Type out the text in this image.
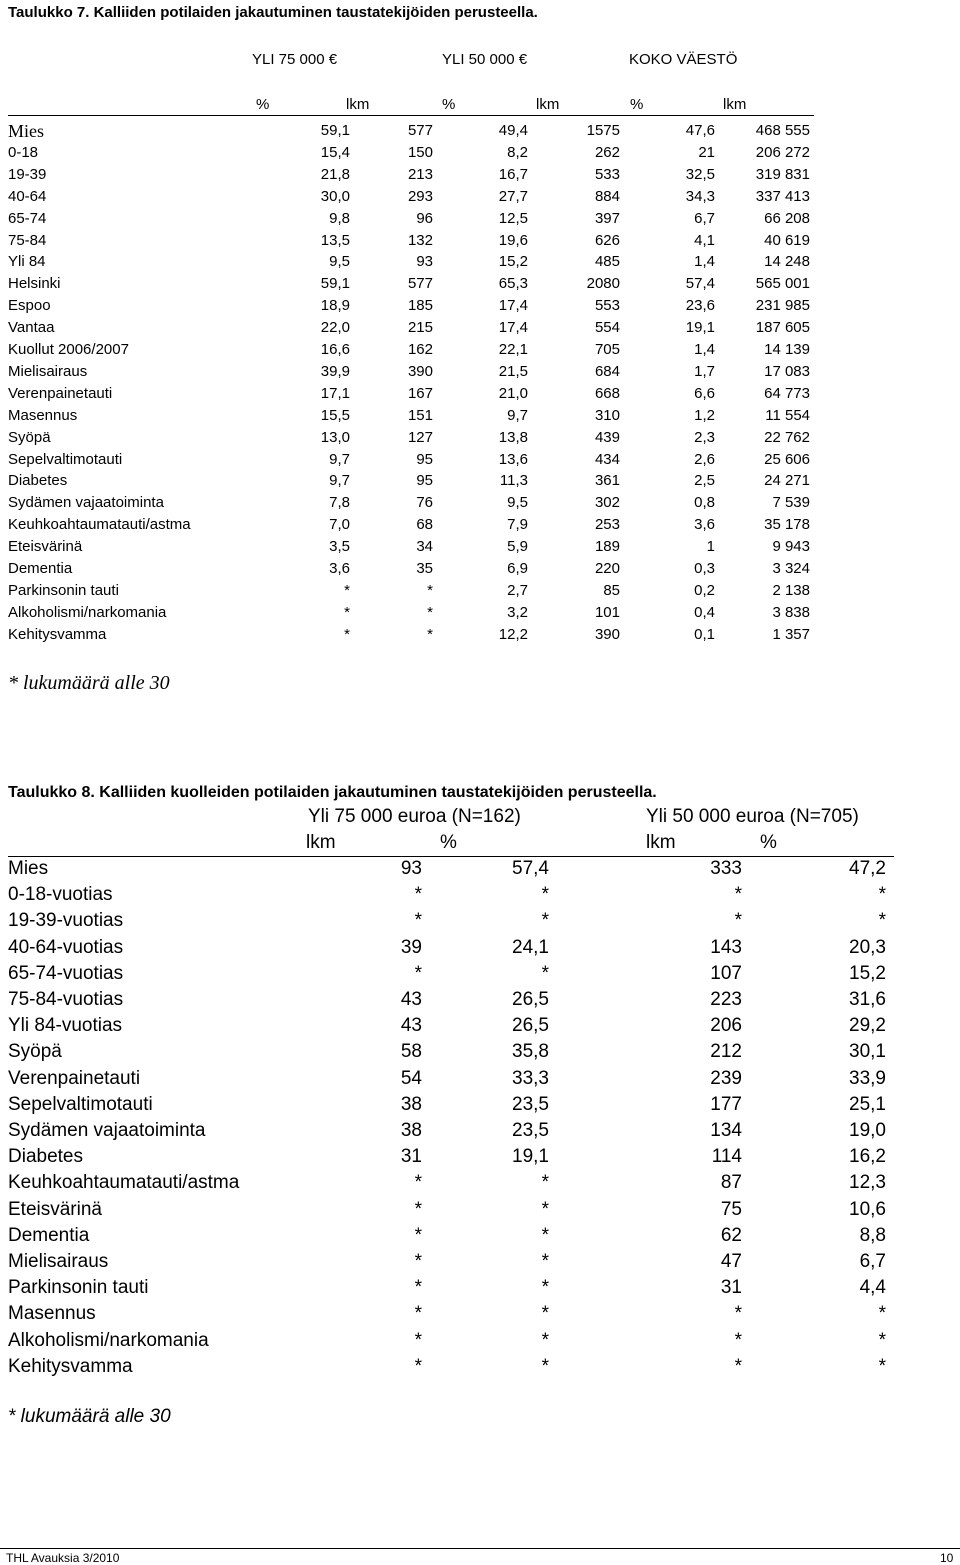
Taulukko 7. Kalliiden potilaiden jakautuminen taustatekijöiden perusteella.
YLI 75 000 €	YLI 50 000 €	KOKO VÄESTÖ
%	lkm	%	lkm	%	lkm
Mies	59,1	577	49,4	1575	47,6	468 555
0-18	15,4	150	8,2	262	21	206 272
19-39	21,8	213	16,7	533	32,5	319 831
40-64	30,0	293	27,7	884	34,3	337 413
65-74	9,8	96	12,5	397	6,7	66 208
75-84	13,5	132	19,6	626	4,1	40 619
Yli 84	9,5	93	15,2	485	1,4	14 248
Helsinki	59,1	577	65,3	2080	57,4	565 001
Espoo	18,9	185	17,4	553	23,6	231 985
Vantaa	22,0	215	17,4	554	19,1	187 605
Kuollut 2006/2007	16,6	162	22,1	705	1,4	14 139
Mielisairaus	39,9	390	21,5	684	1,7	17 083
Verenpainetauti	17,1	167	21,0	668	6,6	64 773
Masennus	15,5	151	9,7	310	1,2	11 554
Syöpä	13,0	127	13,8	439	2,3	22 762
Sepelvaltimotauti	9,7	95	13,6	434	2,6	25 606
Diabetes	9,7	95	11,3	361	2,5	24 271
Sydämen vajaatoiminta	7,8	76	9,5	302	0,8	7 539
Keuhkoahtaumatauti/astma	7,0	68	7,9	253	3,6	35 178
Eteisvärinä	3,5	34	5,9	189	1	9 943
Dementia	3,6	35	6,9	220	0,3	3 324
Parkinsonin tauti	*	*	2,7	85	0,2	2 138
Alkoholismi/narkomania	*	*	3,2	101	0,4	3 838
Kehitysvamma	*	*	12,2	390	0,1	1 357
* lukumäärä alle 30
Taulukko 8. Kalliiden kuolleiden potilaiden jakautuminen taustatekijöiden perusteella.
Yli 75 000 euroa (N=162)	Yli 50 000 euroa (N=705)
lkm	%	lkm	%
Mies	93	57,4	333	47,2
0-18-vuotias	*	*	*	*
19-39-vuotias	*	*	*	*
40-64-vuotias	39	24,1	143	20,3
65-74-vuotias	*	*	107	15,2
75-84-vuotias	43	26,5	223	31,6
Yli 84-vuotias	43	26,5	206	29,2
Syöpä	58	35,8	212	30,1
Verenpainetauti	54	33,3	239	33,9
Sepelvaltimotauti	38	23,5	177	25,1
Sydämen vajaatoiminta	38	23,5	134	19,0
Diabetes	31	19,1	114	16,2
Keuhkoahtaumatauti/astma	*	*	87	12,3
Eteisvärinä	*	*	75	10,6
Dementia	*	*	62	8,8
Mielisairaus	*	*	47	6,7
Parkinsonin tauti	*	*	31	4,4
Masennus	*	*	*	*
Alkoholismi/narkomania	*	*	*	*
Kehitysvamma	*	*	*	*
* lukumäärä alle 30
THL Avauksia 3/2010	10
